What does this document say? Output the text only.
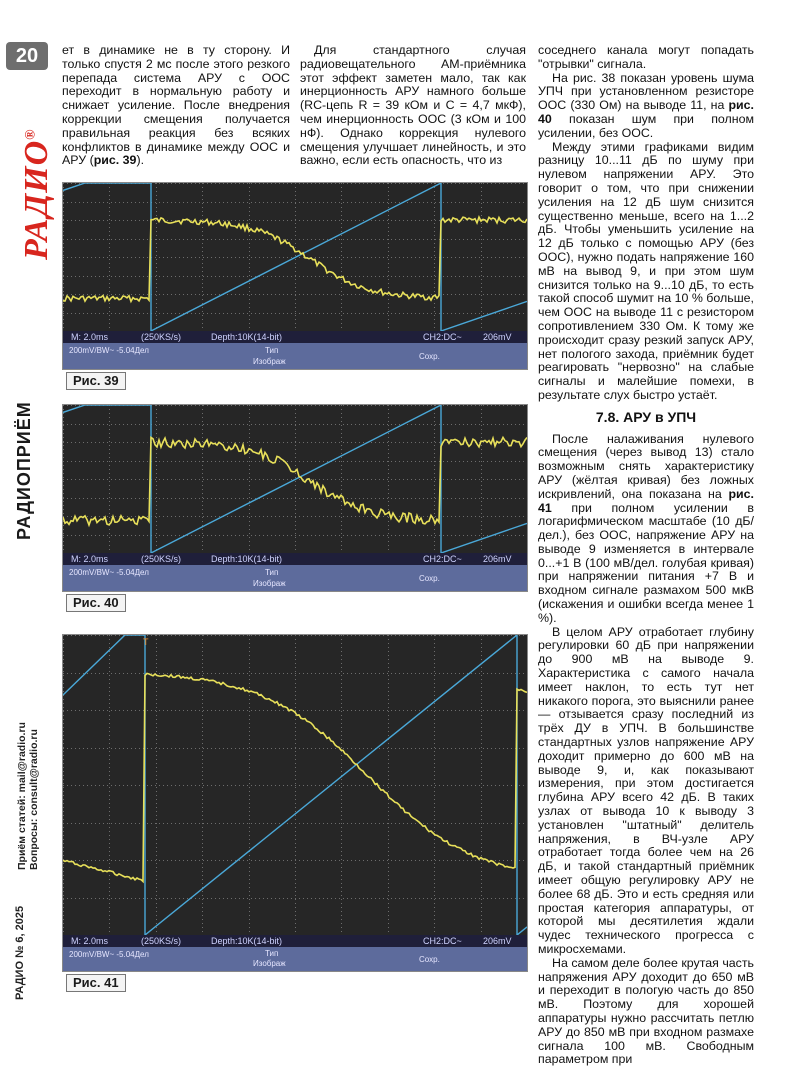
20
РАДИО®
РАДИОПРИЁМ
Приём статей: mail@radio.ru Вопросы: consult@radio.ru
РАДИО № 6, 2025

ет в динамике не в ту сторону. И только спустя 2 мс после этого резкого перепада система АРУ с ООС переходит в нормальную работу и снижает усиление. После внедрения коррекции смещения получается правильная реакция без всяких конфликтов в динамике между ООС и АРУ (рис. 39).

Для стандартного случая радиовещательного АМ-приёмника этот эффект заметен мало, так как инерционность АРУ намного больше (RC-цепь R = 39 кОм и C = 4,7 мкФ), чем инерционность ООС (3 кОм и 100 нФ). Однако коррекция нулевого смещения улучшает линейность, и это важно, если есть опасность, что из

соседнего канала могут попадать "отрывки" сигнала.

На рис. 38 показан уровень шума УПЧ при установленном резисторе ООС (330 Ом) на выводе 11, на рис. 40 показан шум при полном усилении, без ООС.

Между этими графиками видим разницу 10...11 дБ по шуму при нулевом напряжении АРУ. Это говорит о том, что при снижении усиления на 12 дБ шум снизится существенно меньше, всего на 1...2 дБ. Чтобы уменьшить усиление на 12 дБ только с помощью АРУ (без ООС), нужно подать напряжение 160 мВ на вывод 9, и при этом шум снизится только на 9...10 дБ, то есть такой способ шумит на 10 % больше, чем ООС на выводе 11 с резистором сопротивлением 330 Ом. К тому же происходит сразу резкий запуск АРУ, нет пологого захода, приёмник будет реагировать "нервозно" на слабые сигналы и малейшие помехи, в результате слух быстро устаёт.

7.8. АРУ в УПЧ

После налаживания нулевого смещения (через вывод 13) стало возможным снять характеристику АРУ (жёлтая кривая) без ложных искривлений, она показана на рис. 41 при полном усилении в логарифмическом масштабе (10 дБ/дел.), без ООС, напряжение АРУ на выводе 9 изменяется в интервале 0...+1 В (100 мВ/дел. голубая кривая) при напряжении питания +7 В и входном сигнале размахом 500 мкВ (искажения и ошибки всегда менее 1 %).

В целом АРУ отработает глубину регулировки 60 дБ при напряжении до 900 мВ на выводе 9. Характеристика с самого начала имеет наклон, то есть тут нет никакого порога, это выяснили ранее — отзывается сразу последний из трёх ДУ в УПЧ. В большинстве стандартных узлов напряжение АРУ доходит примерно до 600 мВ на выводе 9, и, как показывают измерения, при этом достигается глубина АРУ всего 42 дБ. В таких узлах от вывода 10 к выводу 3 установлен "штатный" делитель напряжения, в ВЧ-узле АРУ отработает тогда более чем на 26 дБ, и такой стандартный приёмник имеет общую регулировку АРУ не более 68 дБ. Это и есть средняя или простая категория аппаратуры, от которой мы десятилетия ждали чудес технического прогресса с микросхемами.

На самом деле более крутая часть напряжения АРУ доходит до 650 мВ и переходит в пологую часть до 850 мВ. Поэтому для хорошей аппаратуры нужно рассчитать петлю АРУ до 850 мВ при входном размахе сигнала 100 мВ. Свободным параметром при

M: 2.0ms	(250KS/s)	Depth:10K(14-bit)	CH2:DC~ 206mV
200mV/BW~ -5.04Дел	Тип
Изображ
Сохр.
Рис. 39
M: 2.0ms	(250KS/s)	Depth:10K(14-bit)	CH2:DC~ 206mV
200mV/BW~ -5.04Дел	Тип
Изображ
Сохр.
Рис. 40
T
M: 2.0ms	(250KS/s)	Depth:10K(14-bit)	CH2:DC~ 206mV
200mV/BW~ -5.04Дел	Тип
Изображ	Сохр.
Рис. 41
